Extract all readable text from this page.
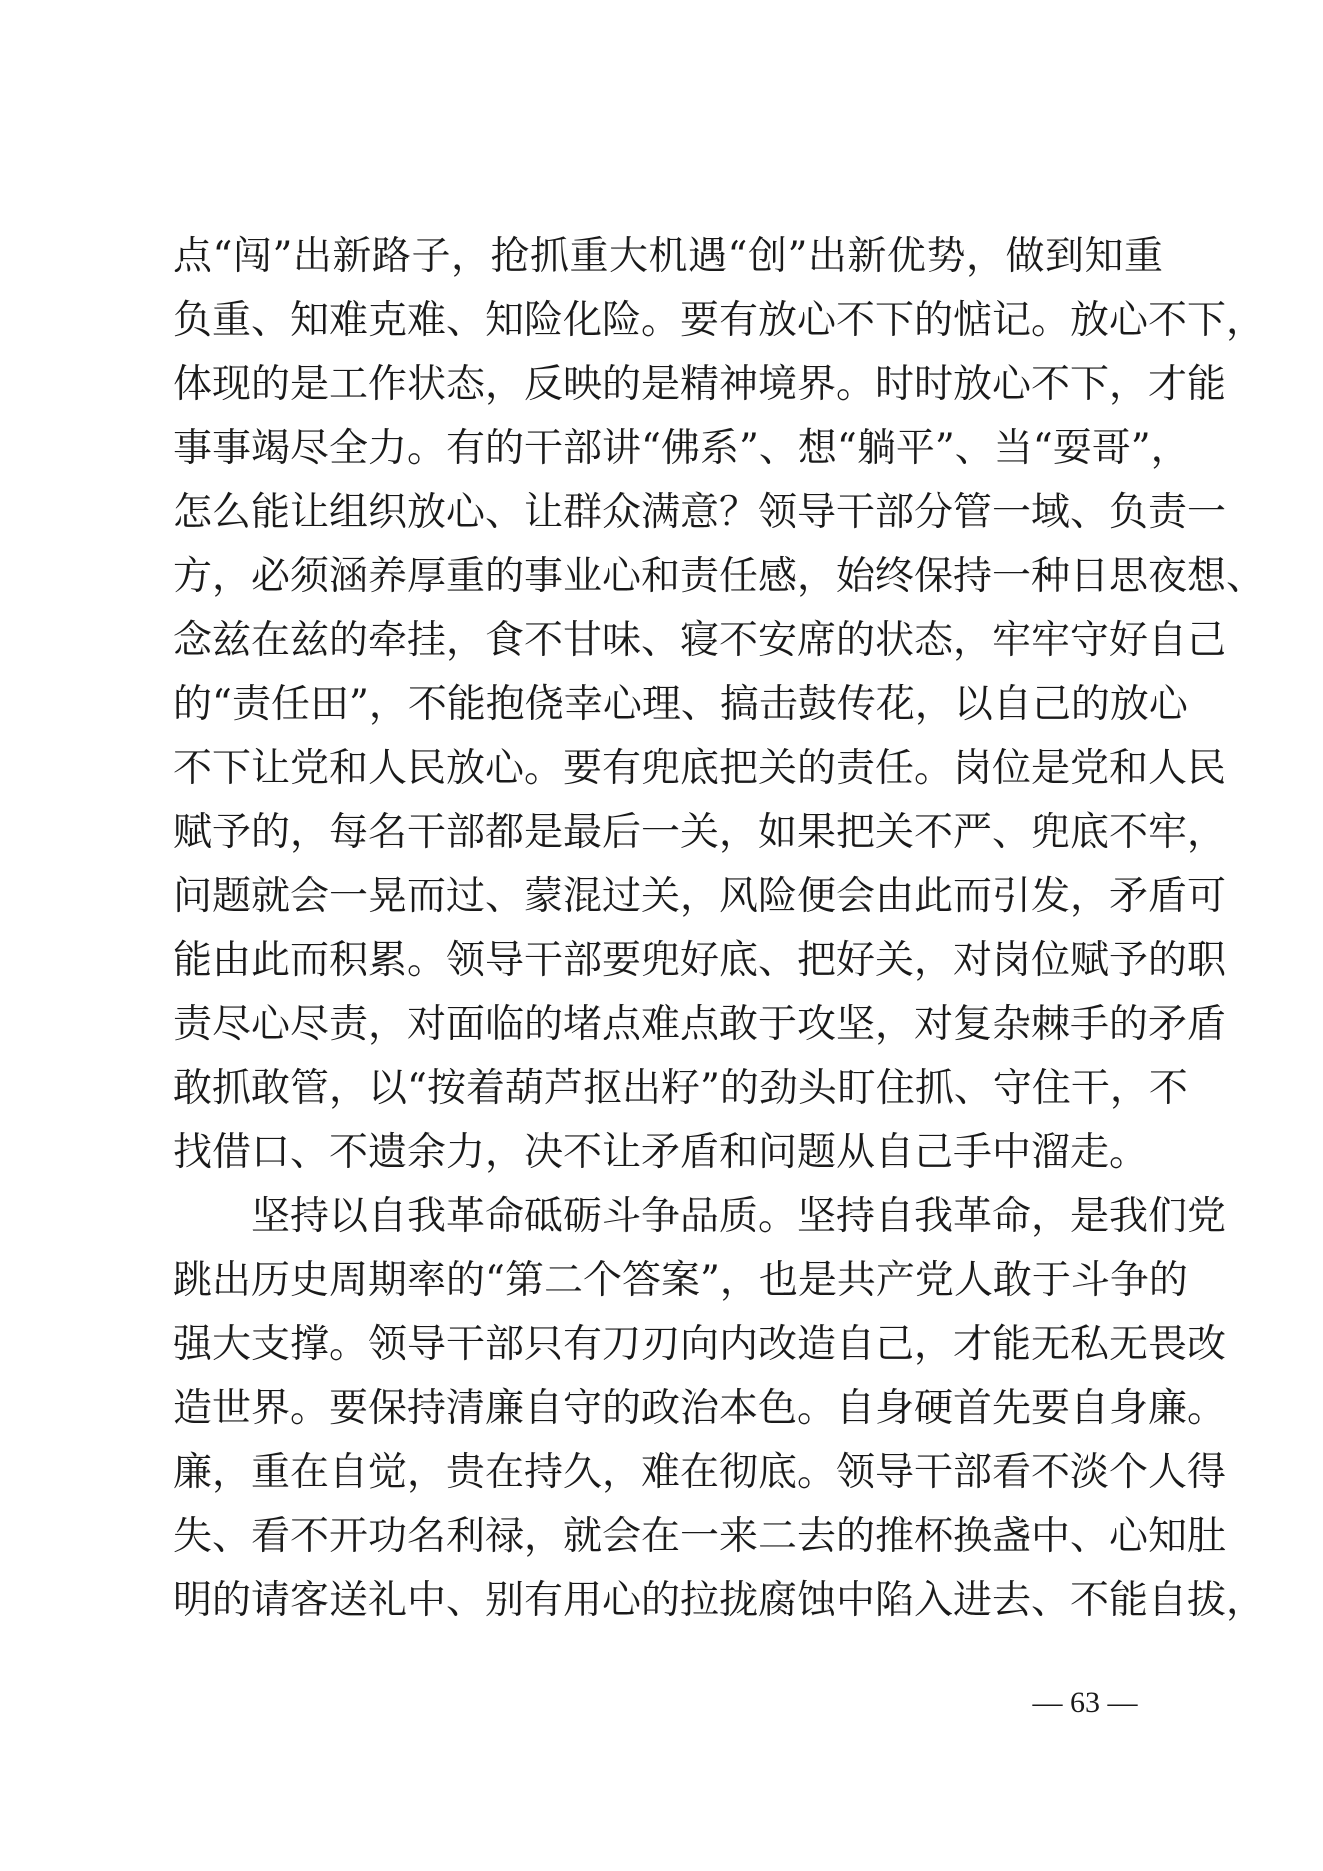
点“闯”出新路子，抢抓重大机遇“创”出新优势，做到知重
负重、知难克难、知险化险。要有放心不下的惦记。放心不下，
体现的是工作状态，反映的是精神境界。时时放心不下，才能
事事竭尽全力。有的干部讲“佛系”、想“躺平”、当“耍哥”，
怎么能让组织放心、让群众满意？领导干部分管一域、负责一
方，必须涵养厚重的事业心和责任感，始终保持一种日思夜想、
念兹在兹的牵挂，食不甘味、寝不安席的状态，牢牢守好自己
的“责任田”，不能抱侥幸心理、搞击鼓传花，以自己的放心
不下让党和人民放心。要有兜底把关的责任。岗位是党和人民
赋予的，每名干部都是最后一关，如果把关不严、兜底不牢，
问题就会一晃而过、蒙混过关，风险便会由此而引发，矛盾可
能由此而积累。领导干部要兜好底、把好关，对岗位赋予的职
责尽心尽责，对面临的堵点难点敢于攻坚，对复杂棘手的矛盾
敢抓敢管，以“按着葫芦抠出籽”的劲头盯住抓、守住干，不
找借口、不遗余力，决不让矛盾和问题从自己手中溜走。
坚持以自我革命砥砺斗争品质。坚持自我革命，是我们党
跳出历史周期率的“第二个答案”，也是共产党人敢于斗争的
强大支撑。领导干部只有刀刃向内改造自己，才能无私无畏改
造世界。要保持清廉自守的政治本色。自身硬首先要自身廉。
廉，重在自觉，贵在持久，难在彻底。领导干部看不淡个人得
失、看不开功名利禄，就会在一来二去的推杯换盏中、心知肚
明的请客送礼中、别有用心的拉拢腐蚀中陷入进去、不能自拔，
— 63 —
